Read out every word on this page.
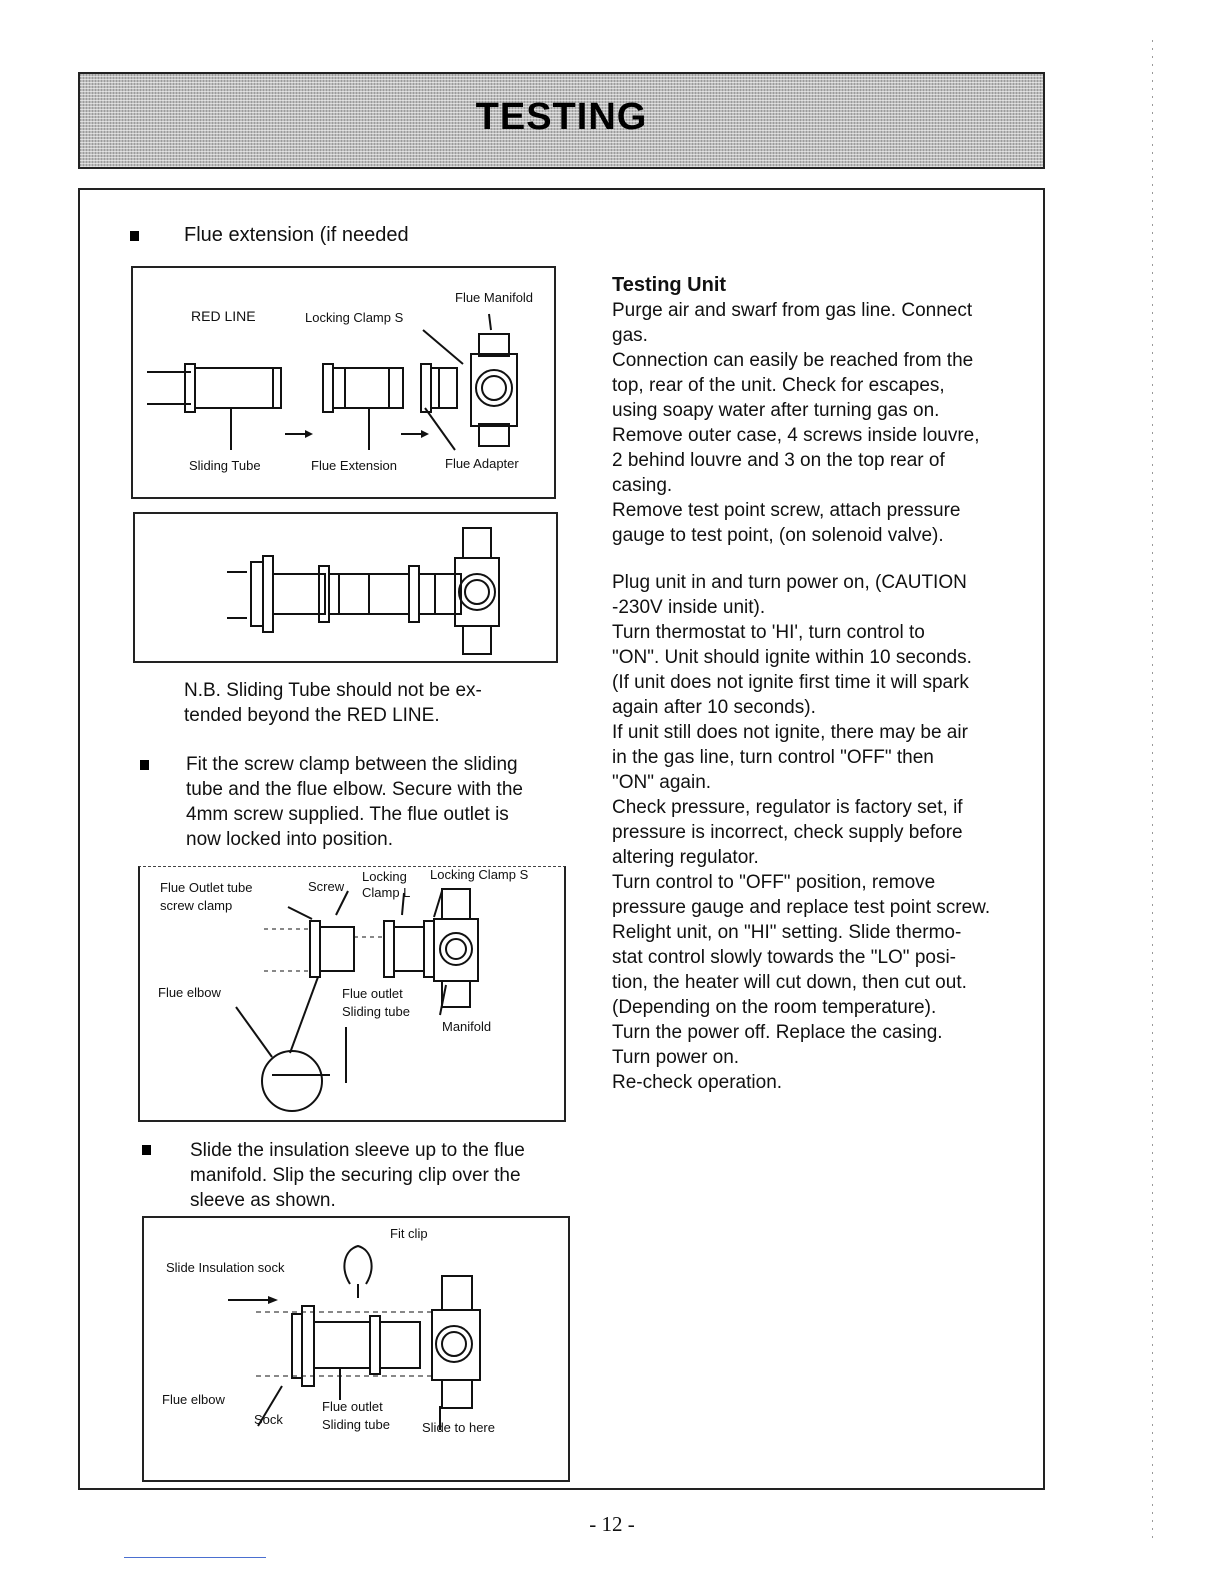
TESTING
Flue extension (if needed
RED LINE	Locking Clamp S
Flue Manifold
Sliding Tube	Flue Extension	Flue Adapter
N.B. Sliding Tube should not be ex-
tended beyond the RED LINE.
Fit the screw clamp between the sliding
tube and the flue elbow. Secure with the
4mm screw supplied. The flue outlet is
now locked into position.
Flue Outlet tube
screw clamp
Screw
Locking
Clamp L
Locking Clamp S
Flue elbow	Flue outlet
Sliding tube
Manifold
Slide the insulation sleeve up to the flue
manifold. Slip the securing clip over the
sleeve as shown.
Fit clip
Slide Insulation sock
Flue elbow
Sock
Flue outlet
Sliding tube Slide to here
Testing Unit
Purge air and swarf from gas line. Connect
gas.
Connection can easily be reached from the
top, rear of the unit. Check for escapes,
using soapy water after turning gas on.
Remove outer case, 4 screws inside louvre,
2 behind louvre and 3 on the top rear of
casing.
Remove test point screw, attach pressure
gauge to test point, (on solenoid valve).
Plug unit in and turn power on, (CAUTION
-230V inside unit).
Turn thermostat to 'HI', turn control to
"ON". Unit should ignite within 10 seconds.
(If unit does not ignite first time it will spark
again after 10 seconds).
If unit still does not ignite, there may be air
in the gas line, turn control "OFF" then
"ON" again.
Check pressure, regulator is factory set, if
pressure is incorrect, check supply before
altering regulator.
Turn control to "OFF" position, remove
pressure gauge and replace test point screw.
Relight unit, on "HI" setting. Slide thermo-
stat control slowly towards the "LO" posi-
tion, the heater will cut down, then cut out.
(Depending on the room temperature).
Turn the power off. Replace the casing.
Turn power on.
Re-check operation.
- 12 -
